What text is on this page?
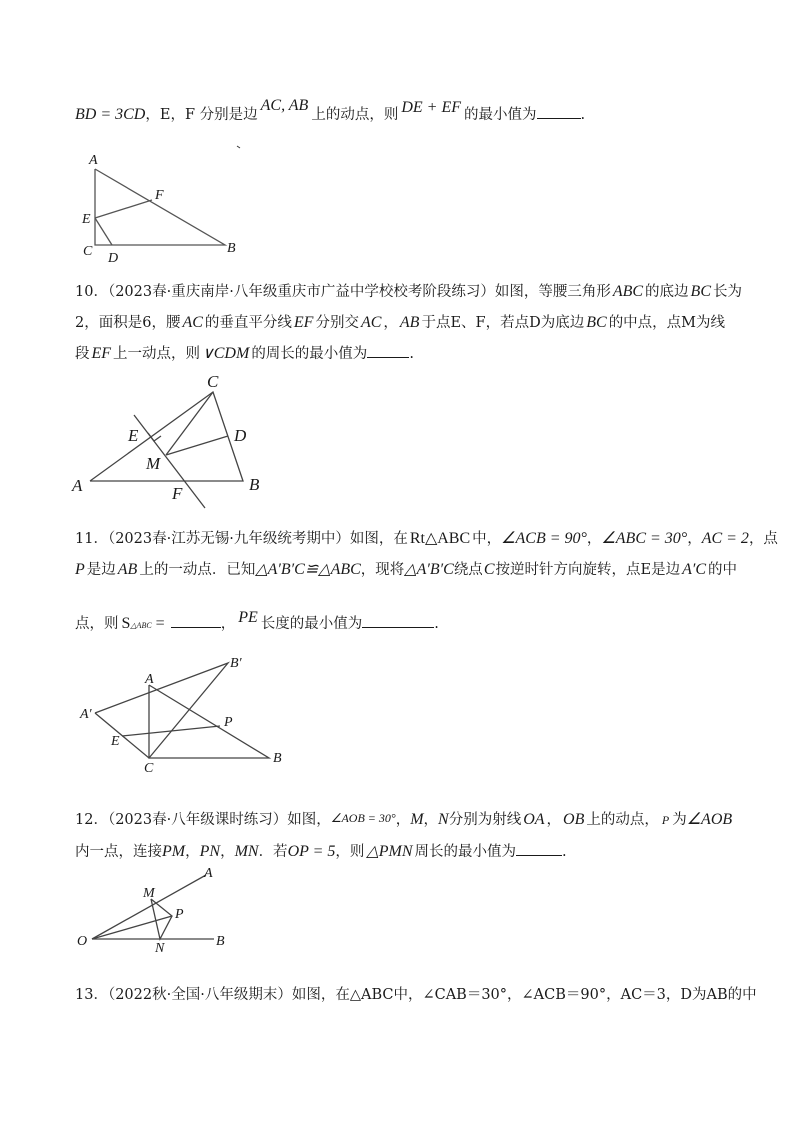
BD = 3CD，E，F 分别是边AC, AB上的动点，则 DE + EF 的最小值为	.
10．（2023春·重庆南岸·八年级重庆市广益中学校校考阶段练习）如图，等腰三角形 ABC 的底边 BC 长为
2，面积是6，腰 AC 的垂直平分线 EF 分别交 AC ， AB 于点E、F，若点D为底边 BC 的中点，点M为线
段 EF 上一动点，则 ∨CDM 的周长的最小值为	.
11．（2023春·江苏无锡·九年级统考期中）如图，在 Rt△ABC 中，∠ACB = 90°，∠ABC = 30°，AC = 2，点
P 是边 AB 上的一动点．已知△A′B′C≌△ABC，现将△A′B′C绕点C按逆时针方向旋转，点E是边 A′C 的中
点，则 S△ABC =	， PE 长度的最小值为	.
12．（2023春·八年级课时练习）如图，∠AOB = 30°，M，N分别为射线 OA ， OB 上的动点， P 为∠AOB
内一点，连接PM，PN，MN．若OP = 5，则 △PMN 周长的最小值为	.
13．（2022秋·全国·八年级期末）如图，在△ABC中，∠CAB＝30°，∠ACB＝90°，AC＝3，D为AB的中
A
C
E
F
D
B
C
E	D
M
A	F	B
B′
A
A′
P
E
C
B
A
M
P
O	N	B
